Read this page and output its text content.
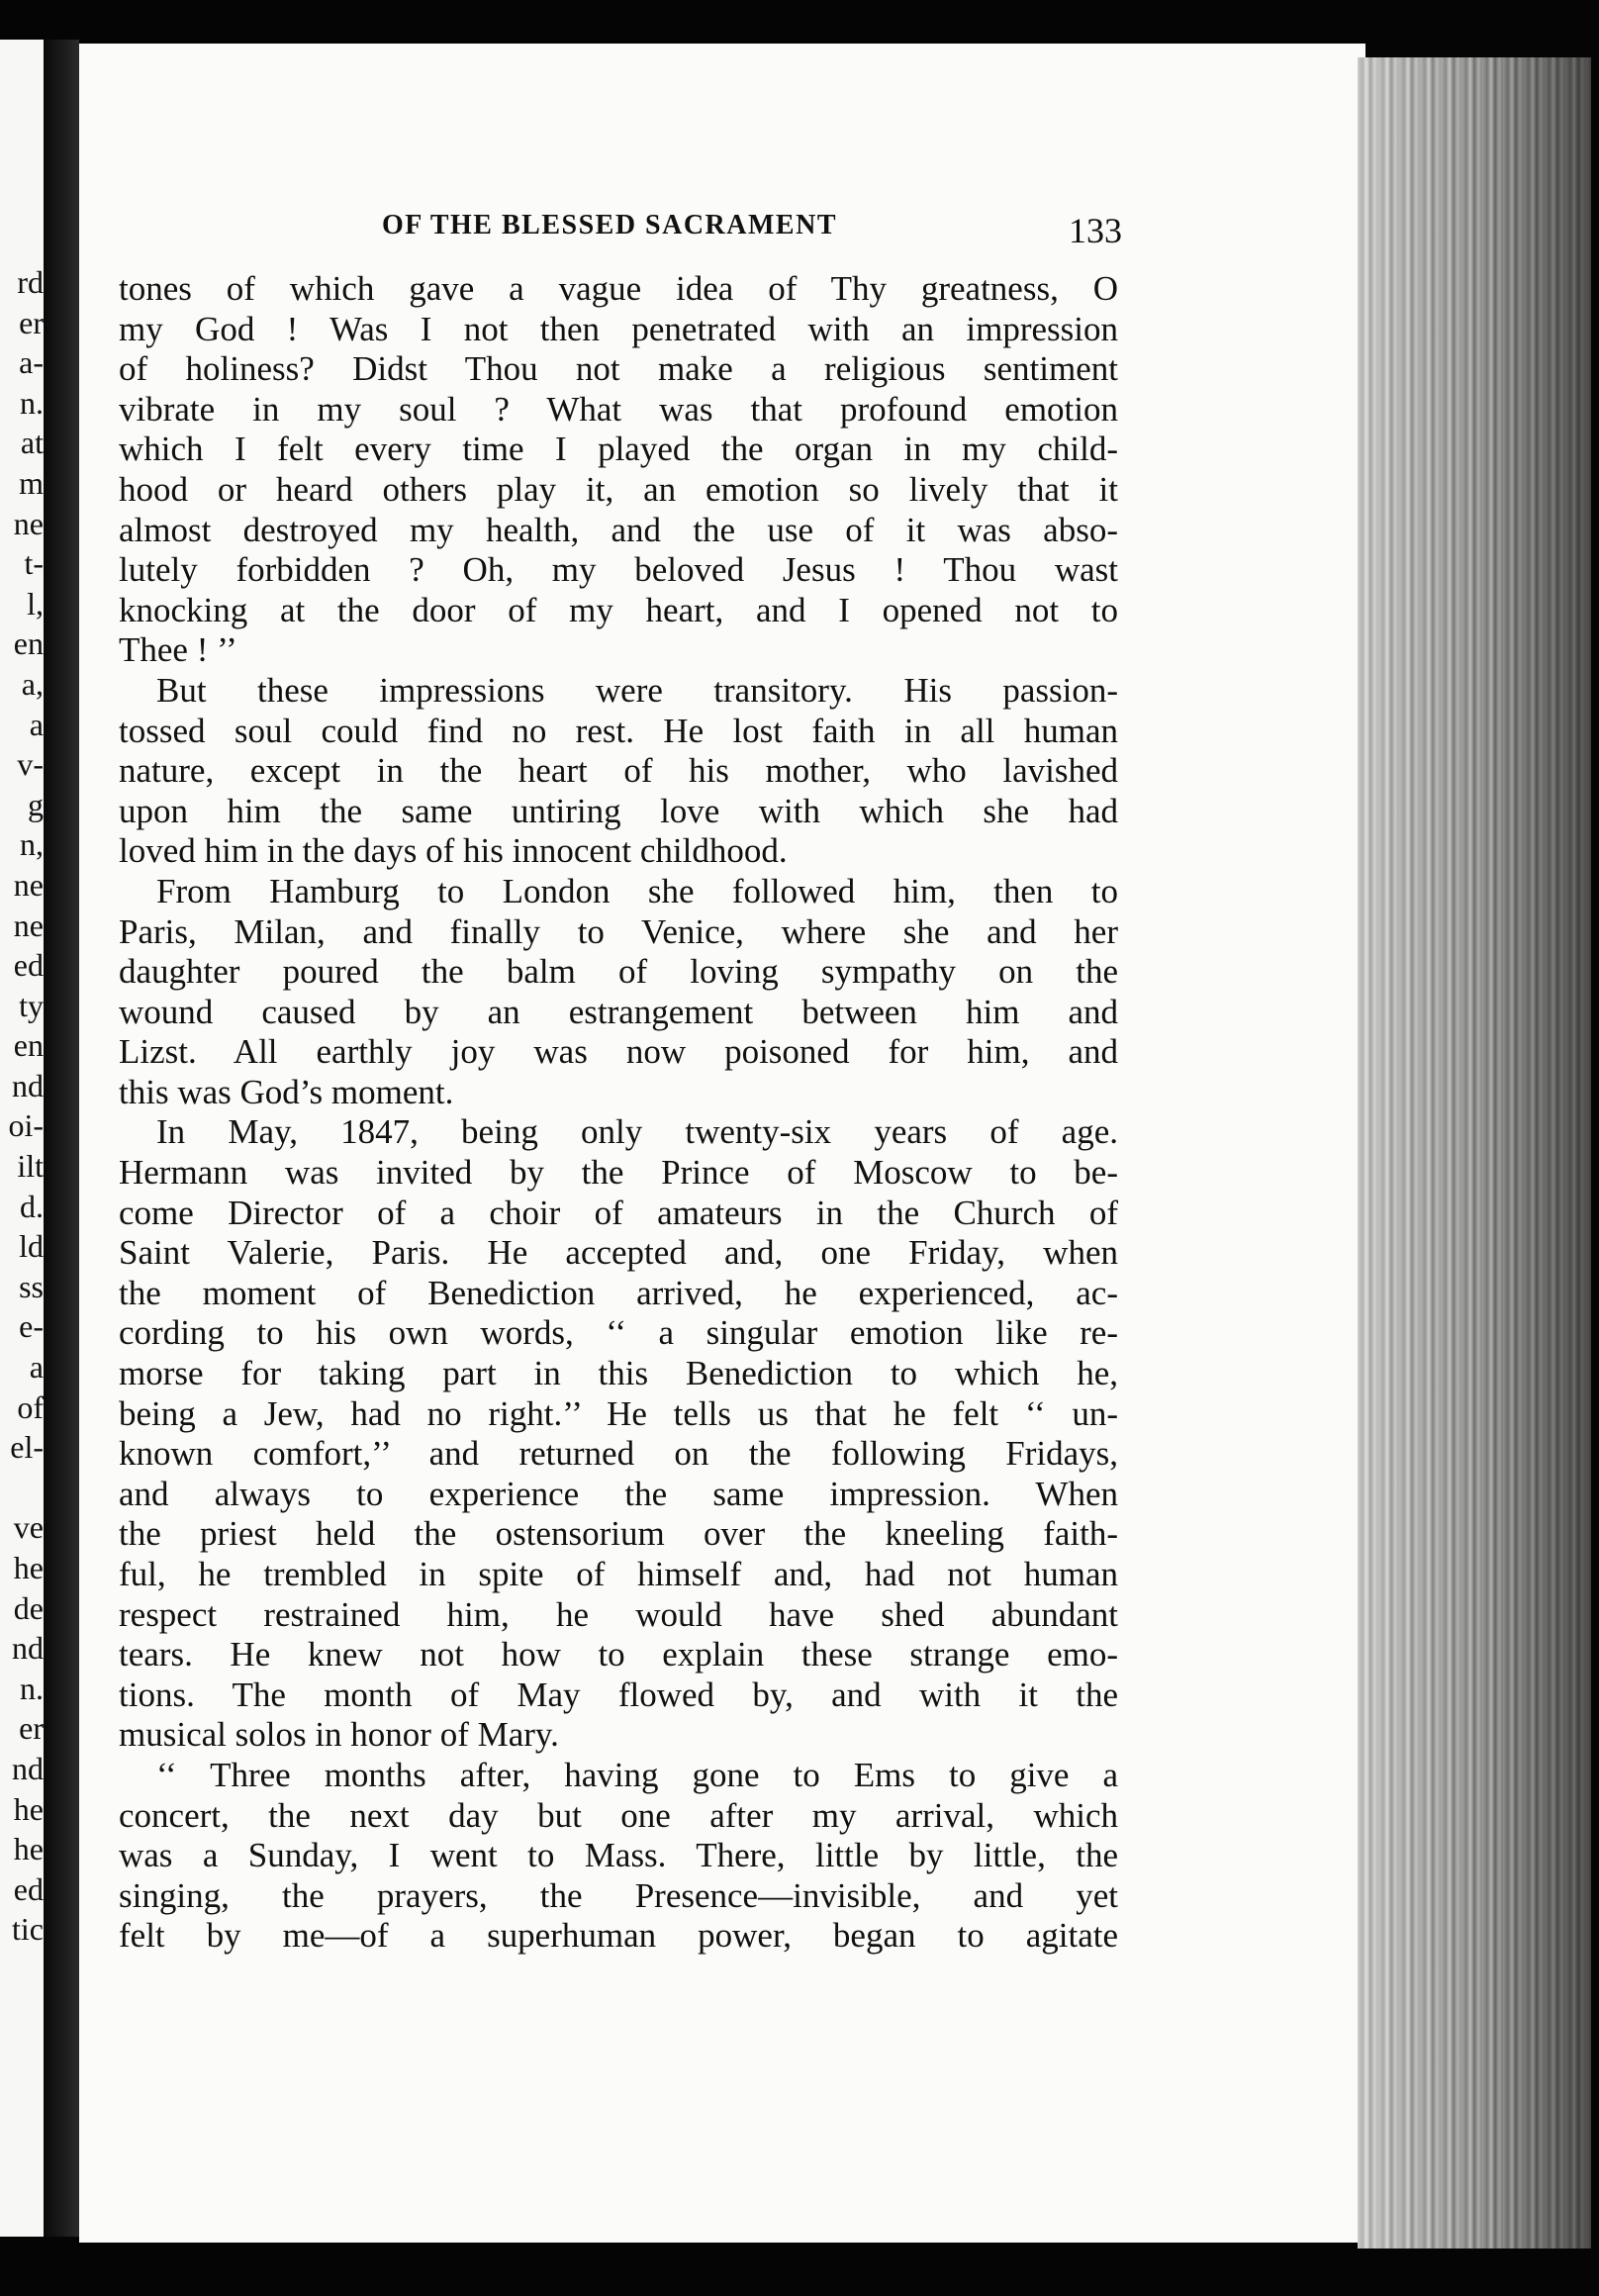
rd
er
a-
n.
at
m
ne
t-
l,
en
a,
a
v-
g
n,
ne
ne
ed
ty
en
nd
oi-
ilt
d.
ld
ss
e-
a
of
el-
ve
he
de
nd
n.
er
nd
he
he
ed
tic
OF THE BLESSED SACRAMENT	133
tones of which gave a vague idea of Thy greatness, O
my God ! Was I not then penetrated with an impression
of holiness? Didst Thou not make a religious sentiment
vibrate in my soul ? What was that profound emotion
which I felt every time I played the organ in my child-
hood or heard others play it, an emotion so lively that it
almost destroyed my health, and the use of it was abso-
lutely forbidden ? Oh, my beloved Jesus ! Thou wast
knocking at the door of my heart, and I opened not to
Thee ! ’’
But these impressions were transitory. His passion-
tossed soul could find no rest. He lost faith in all human
nature, except in the heart of his mother, who lavished
upon him the same untiring love with which she had
loved him in the days of his innocent childhood.
From Hamburg to London she followed him, then to
Paris, Milan, and finally to Venice, where she and her
daughter poured the balm of loving sympathy on the
wound caused by an estrangement between him and
Lizst. All earthly joy was now poisoned for him, and
this was God’s moment.
In May, 1847, being only twenty-six years of age.
Hermann was invited by the Prince of Moscow to be-
come Director of a choir of amateurs in the Church of
Saint Valerie, Paris. He accepted and, one Friday, when
the moment of Benediction arrived, he experienced, ac-
cording to his own words, ‘‘ a singular emotion like re-
morse for taking part in this Benediction to which he,
being a Jew, had no right.’’ He tells us that he felt ‘‘ un-
known comfort,’’ and returned on the following Fridays,
and always to experience the same impression. When
the priest held the ostensorium over the kneeling faith-
ful, he trembled in spite of himself and, had not human
respect restrained him, he would have shed abundant
tears. He knew not how to explain these strange emo-
tions. The month of May flowed by, and with it the
musical solos in honor of Mary.
‘‘ Three months after, having gone to Ems to give a
concert, the next day but one after my arrival, which
was a Sunday, I went to Mass. There, little by little, the
singing, the prayers, the Presence—invisible, and yet
felt by me—of a superhuman power, began to agitate
